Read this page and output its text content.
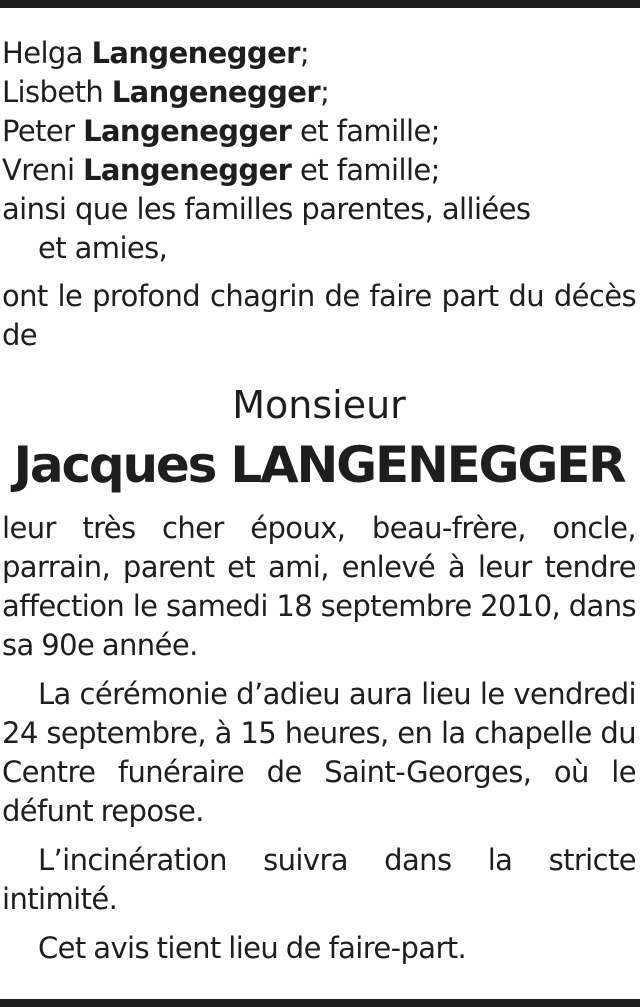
Helga Langenegger;
Lisbeth Langenegger;
Peter Langenegger et famille;
Vreni Langenegger et famille;
ainsi que les familles parentes, alliées
et amies,
ont le profond chagrin de faire part du décès de
Monsieur
Jacques LANGENEGGER
leur très cher époux, beau-frère, oncle, parrain, parent et ami, enlevé à leur tendre affection le samedi 18 septembre 2010, dans sa 90e année.
La cérémonie d’adieu aura lieu le vendredi 24 septembre, à 15 heures, en la chapelle du Centre funéraire de Saint-Georges, où le défunt repose.
L’incinération suivra dans la stricte intimité.
Cet avis tient lieu de faire-part.
